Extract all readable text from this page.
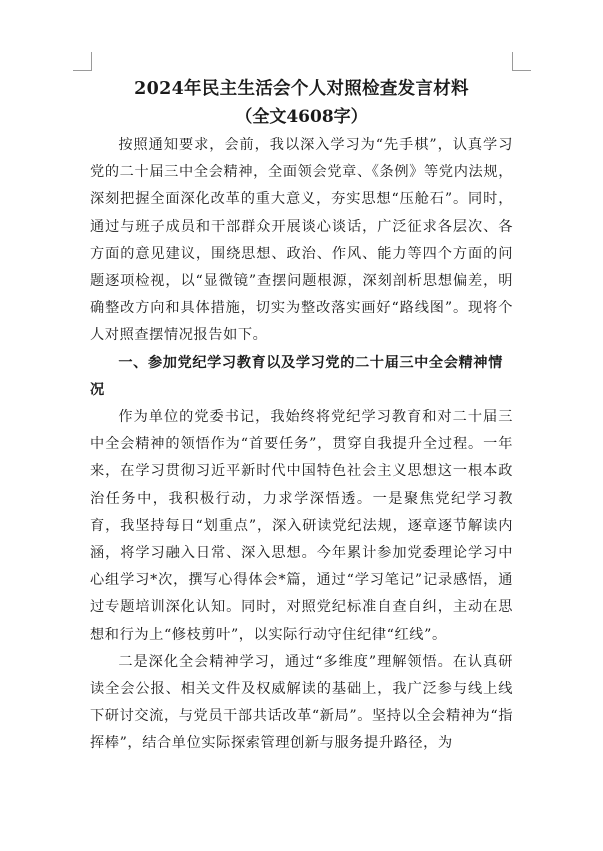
2024年民主生活会个人对照检查发言材料
（全文4608字）

按照通知要求，会前，我以深入学习为“先手棋”，认真学习党的二十届三中全会精神，全面领会党章、《条例》等党内法规，深刻把握全面深化改革的重大意义，夯实思想“压舱石”。同时，通过与班子成员和干部群众开展谈心谈话，广泛征求各层次、各方面的意见建议，围绕思想、政治、作风、能力等四个方面的问题逐项检视，以“显微镜”查摆问题根源，深刻剖析思想偏差，明确整改方向和具体措施，切实为整改落实画好“路线图”。现将个人对照查摆情况报告如下。

一、参加党纪学习教育以及学习党的二十届三中全会精神情况

作为单位的党委书记，我始终将党纪学习教育和对二十届三中全会精神的领悟作为“首要任务”，贯穿自我提升全过程。一年来，在学习贯彻习近平新时代中国特色社会主义思想这一根本政治任务中，我积极行动，力求学深悟透。一是聚焦党纪学习教育，我坚持每日“划重点”，深入研读党纪法规，逐章逐节解读内涵，将学习融入日常、深入思想。今年累计参加党委理论学习中心组学习*次，撰写心得体会*篇，通过“学习笔记”记录感悟，通过专题培训深化认知。同时，对照党纪标准自查自纠，主动在思想和行为上“修枝剪叶”，以实际行动守住纪律“红线”。

二是深化全会精神学习，通过“多维度”理解领悟。在认真研读全会公报、相关文件及权威解读的基础上，我广泛参与线上线下研讨交流，与党员干部共话改革“新局”。坚持以全会精神为“指挥棒”，结合单位实际探索管理创新与服务提升路径，为
